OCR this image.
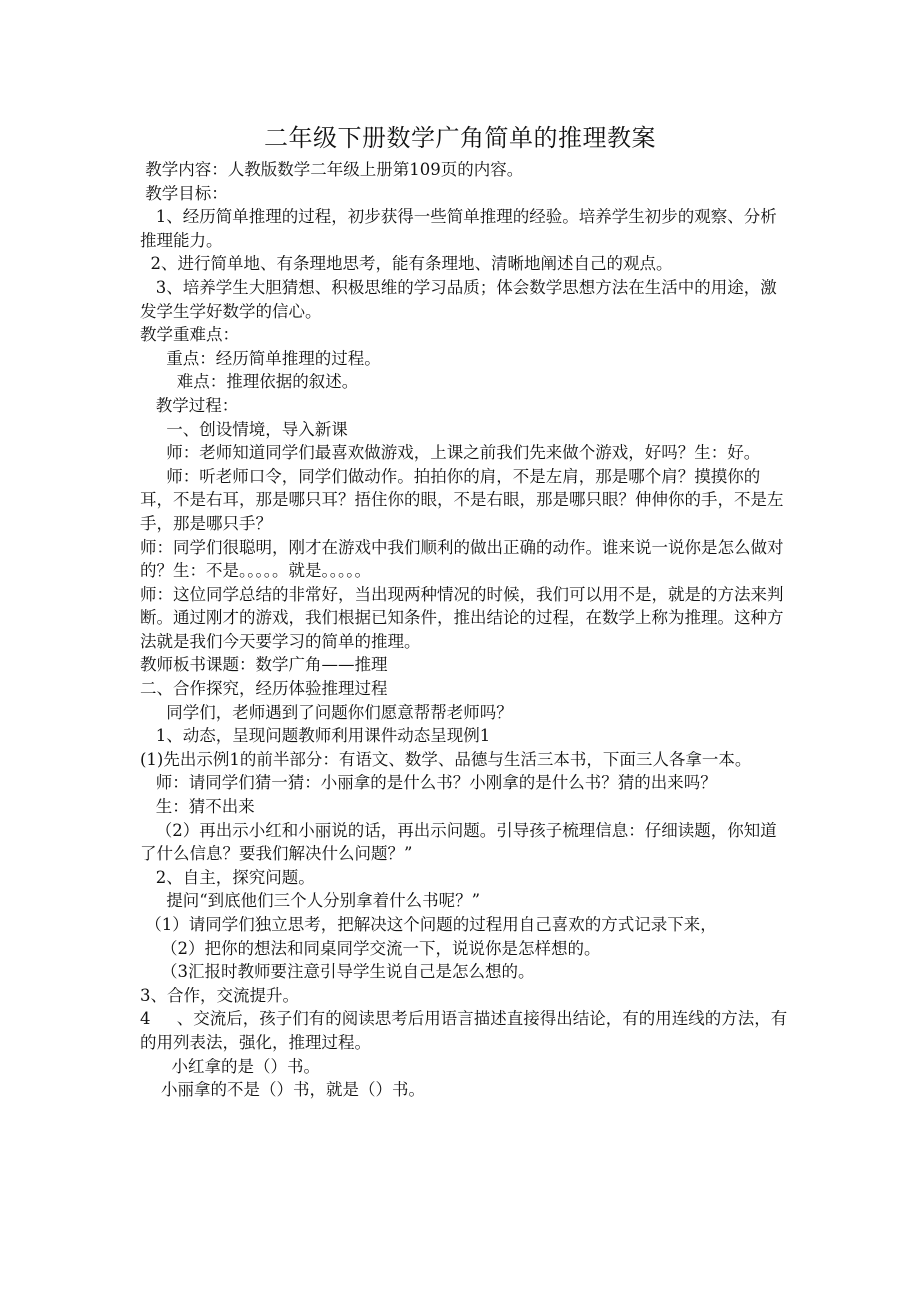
二年级下册数学广角简单的推理教案

教学内容：人教版数学二年级上册第109页的内容。

教学目标：

1、经历简单推理的过程，初步获得一些简单推理的经验。培养学生初步的观察、分析推理能力。

2、进行简单地、有条理地思考，能有条理地、清晰地阐述自己的观点。

3、培养学生大胆猜想、积极思维的学习品质；体会数学思想方法在生活中的用途，激发学生学好数学的信心。

教学重难点：

重点：经历简单推理的过程。

难点：推理依据的叙述。

教学过程：

一、创设情境，导入新课

师：老师知道同学们最喜欢做游戏，上课之前我们先来做个游戏，好吗？生：好。

师：听老师口令，同学们做动作。拍拍你的肩，不是左肩，那是哪个肩？摸摸你的耳，不是右耳，那是哪只耳？捂住你的眼，不是右眼，那是哪只眼？伸伸你的手，不是左手，那是哪只手？

师：同学们很聪明，刚才在游戏中我们顺利的做出正确的动作。谁来说一说你是怎么做对的？生：不是。。。。。就是。。。。。

师：这位同学总结的非常好，当出现两种情况的时候，我们可以用不是，就是的方法来判断。通过刚才的游戏，我们根据已知条件，推出结论的过程，在数学上称为推理。这种方法就是我们今天要学习的简单的推理。

教师板书课题：数学广角——推理

二、合作探究，经历体验推理过程

同学们，老师遇到了问题你们愿意帮帮老师吗？

1、动态，呈现问题教师利用课件动态呈现例1

(1)先出示例1的前半部分：有语文、数学、品德与生活三本书，下面三人各拿一本。

师：请同学们猜一猜：小丽拿的是什么书？小刚拿的是什么书？猜的出来吗？

生：猜不出来

（2）再出示小红和小丽说的话，再出示问题。引导孩子梳理信息：仔细读题，你知道了什么信息？要我们解决什么问题？”

2、自主，探究问题。

提问“到底他们三个人分别拿着什么书呢？”

（1）请同学们独立思考，把解决这个问题的过程用自己喜欢的方式记录下来，

（2）把你的想法和同桌同学交流一下，说说你是怎样想的。

（3汇报时教师要注意引导学生说自己是怎么想的。

3、合作，交流提升。

4     、交流后，孩子们有的阅读思考后用语言描述直接得出结论，有的用连线的方法，有的用列表法，强化，推理过程。

小红拿的是（）书。

小丽拿的不是（）书，就是（）书。
